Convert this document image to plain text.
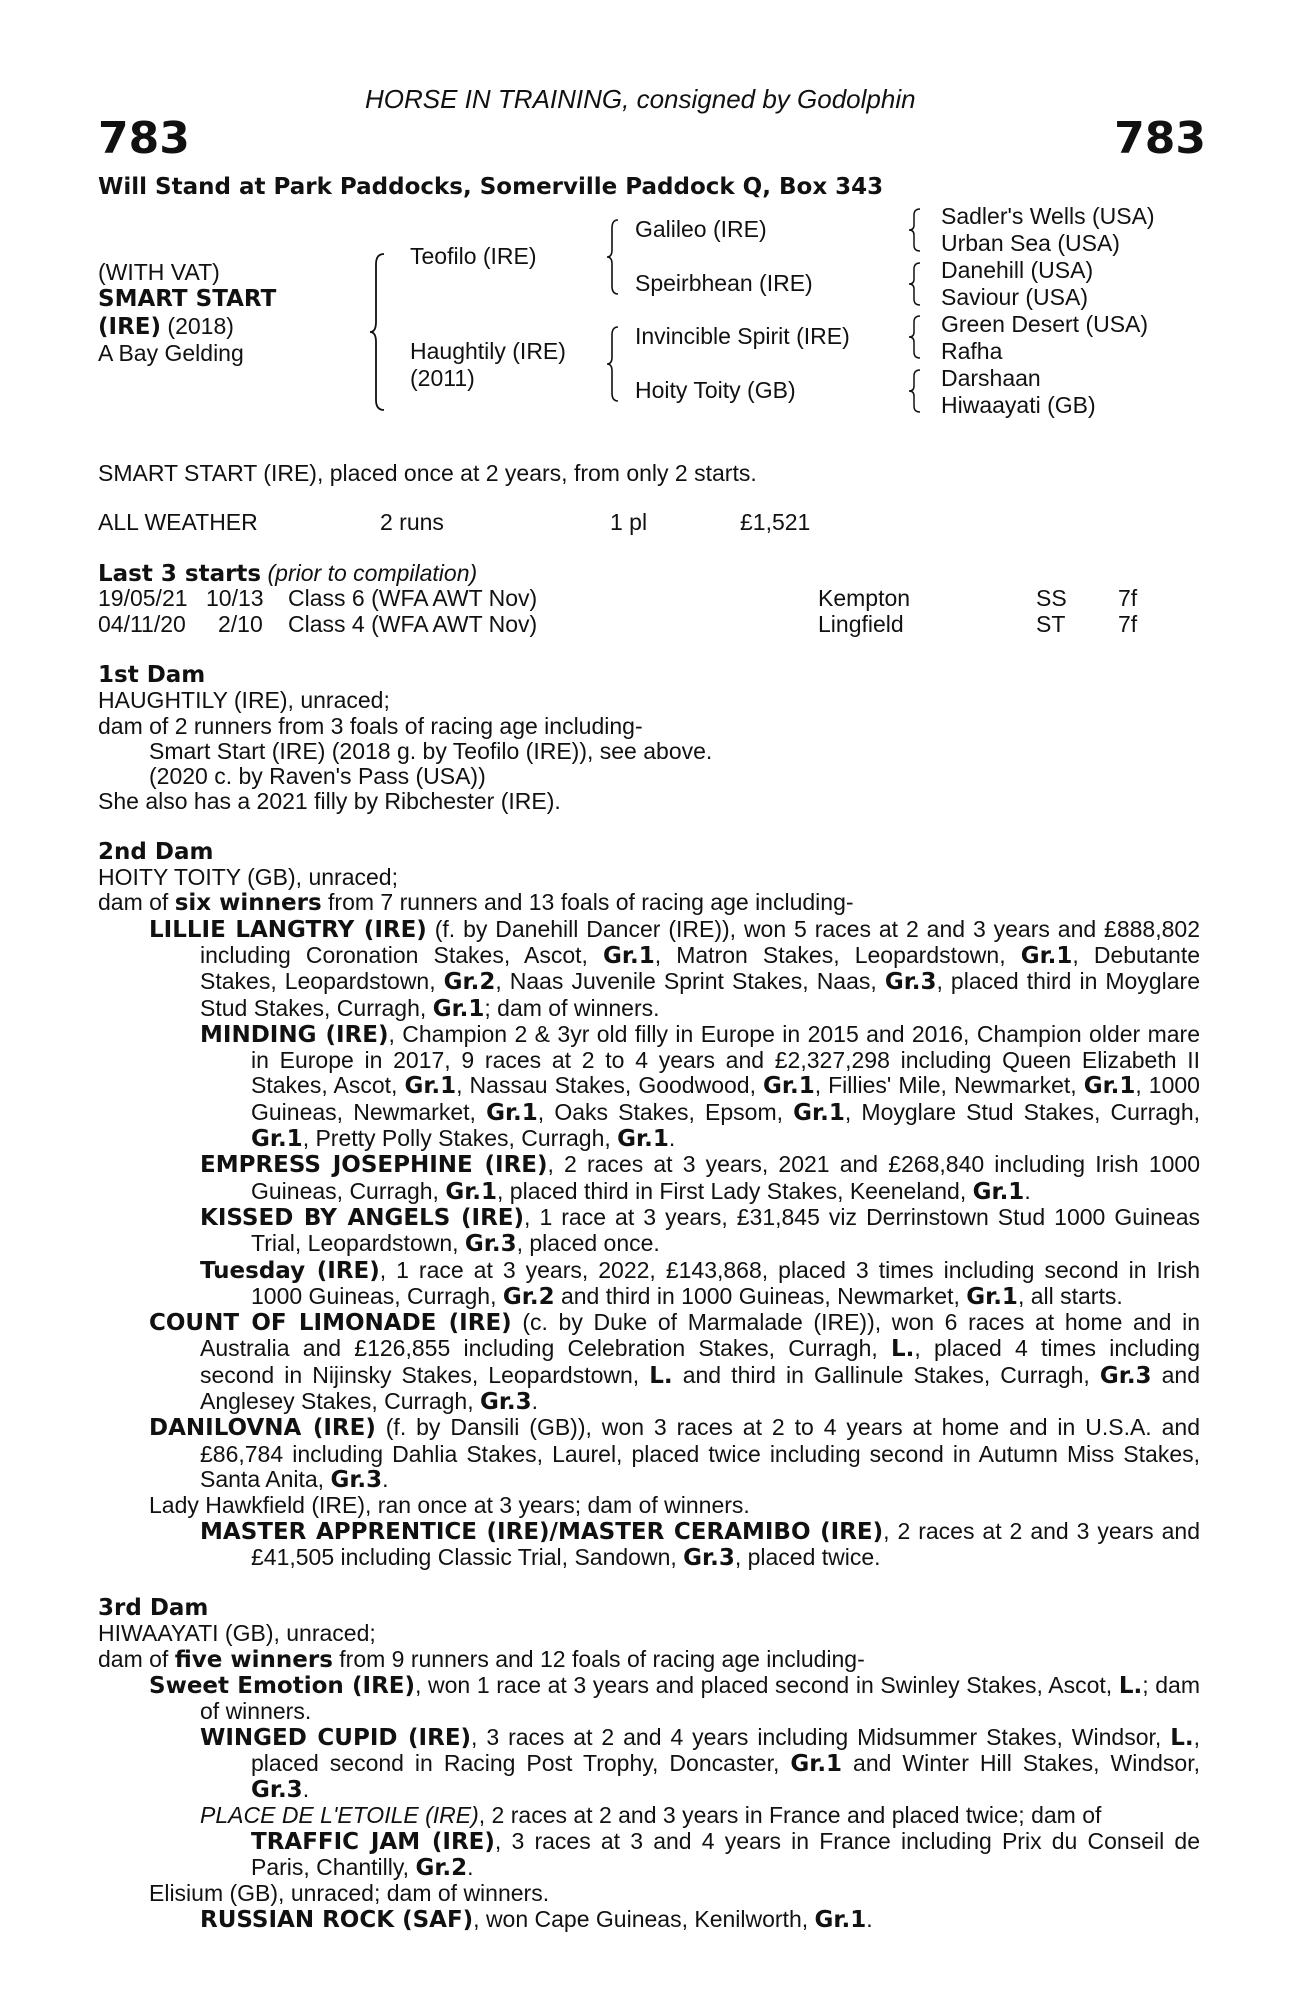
HORSE IN TRAINING, consigned by Godolphin
783	783
Will Stand at Park Paddocks, Somerville Paddock Q, Box 343
(WITH VAT)
SMART START
(IRE) (2018)
A Bay Gelding
Teofilo (IRE)
Haughtily (IRE)
(2011)
Galileo (IRE)
Speirbhean (IRE)
Invincible Spirit (IRE)
Hoity Toity (GB)
Sadler's Wells (USA)
Urban Sea (USA)
Danehill (USA)
Saviour (USA)
Green Desert (USA)
Rafha
Darshaan
Hiwaayati (GB)
SMART START (IRE), placed once at 2 years, from only 2 starts.
ALL WEATHER	2 runs	1 pl	£1,521
Last 3 starts (prior to compilation)
19/05/21 10/13 Class 6 (WFA AWT Nov)	Kempton	SS 7f
04/11/20 2/10 Class 4 (WFA AWT Nov)	Lingfield	ST 7f

1st Dam

HAUGHTILY (IRE), unraced;

dam of 2 runners from 3 foals of racing age including-

Smart Start (IRE) (2018 g. by Teofilo (IRE)), see above.

(2020 c. by Raven's Pass (USA))

She also has a 2021 filly by Ribchester (IRE).

2nd Dam

HOITY TOITY (GB), unraced;

dam of six winners from 7 runners and 13 foals of racing age including-

LILLIE LANGTRY (IRE) (f. by Danehill Dancer (IRE)), won 5 races at 2 and 3 years and £888,802 including Coronation Stakes, Ascot, Gr.1, Matron Stakes, Leopardstown, Gr.1, Debutante Stakes, Leopardstown, Gr.2, Naas Juvenile Sprint Stakes, Naas, Gr.3, placed third in Moyglare Stud Stakes, Curragh, Gr.1; dam of winners.

MINDING (IRE), Champion 2 & 3yr old filly in Europe in 2015 and 2016, Champion older mare in Europe in 2017, 9 races at 2 to 4 years and £2,327,298 including Queen Elizabeth II Stakes, Ascot, Gr.1, Nassau Stakes, Goodwood, Gr.1, Fillies' Mile, Newmarket, Gr.1, 1000 Guineas, Newmarket, Gr.1, Oaks Stakes, Epsom, Gr.1, Moyglare Stud Stakes, Curragh, Gr.1, Pretty Polly Stakes, Curragh, Gr.1.

EMPRESS JOSEPHINE (IRE), 2 races at 3 years, 2021 and £268,840 including Irish 1000 Guineas, Curragh, Gr.1, placed third in First Lady Stakes, Keeneland, Gr.1.

KISSED BY ANGELS (IRE), 1 race at 3 years, £31,845 viz Derrinstown Stud 1000 Guineas Trial, Leopardstown, Gr.3, placed once.

Tuesday (IRE), 1 race at 3 years, 2022, £143,868, placed 3 times including second in Irish 1000 Guineas, Curragh, Gr.2 and third in 1000 Guineas, Newmarket, Gr.1, all starts.

COUNT OF LIMONADE (IRE) (c. by Duke of Marmalade (IRE)), won 6 races at home and in Australia and £126,855 including Celebration Stakes, Curragh, L., placed 4 times including second in Nijinsky Stakes, Leopardstown, L. and third in Gallinule Stakes, Curragh, Gr.3 and Anglesey Stakes, Curragh, Gr.3.

DANILOVNA (IRE) (f. by Dansili (GB)), won 3 races at 2 to 4 years at home and in U.S.A. and £86,784 including Dahlia Stakes, Laurel, placed twice including second in Autumn Miss Stakes, Santa Anita, Gr.3.

Lady Hawkfield (IRE), ran once at 3 years; dam of winners.

MASTER APPRENTICE (IRE)/MASTER CERAMIBO (IRE), 2 races at 2 and 3 years and £41,505 including Classic Trial, Sandown, Gr.3, placed twice.

3rd Dam

HIWAAYATI (GB), unraced;

dam of five winners from 9 runners and 12 foals of racing age including-

Sweet Emotion (IRE), won 1 race at 3 years and placed second in Swinley Stakes, Ascot, L.; dam of winners.

WINGED CUPID (IRE), 3 races at 2 and 4 years including Midsummer Stakes, Windsor, L., placed second in Racing Post Trophy, Doncaster, Gr.1 and Winter Hill Stakes, Windsor, Gr.3.

PLACE DE L'ETOILE (IRE), 2 races at 2 and 3 years in France and placed twice; dam of

TRAFFIC JAM (IRE), 3 races at 3 and 4 years in France including Prix du Conseil de Paris, Chantilly, Gr.2.

Elisium (GB), unraced; dam of winners.

RUSSIAN ROCK (SAF), won Cape Guineas, Kenilworth, Gr.1.
